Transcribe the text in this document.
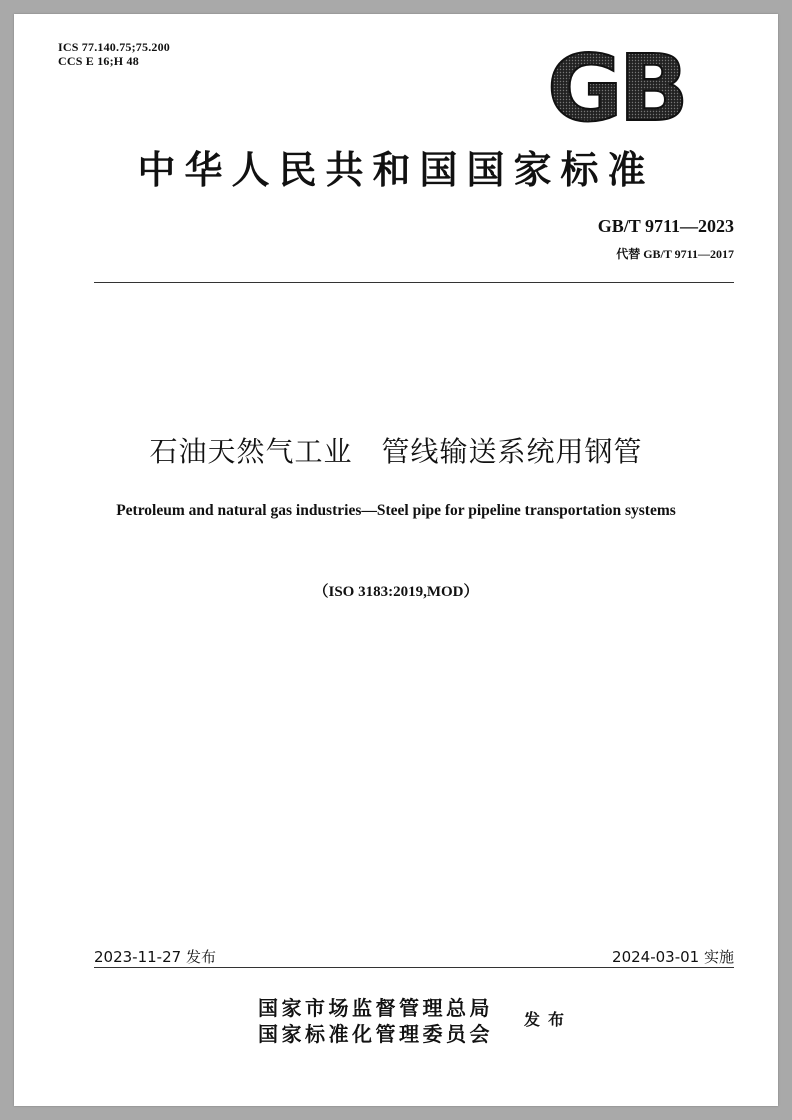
ICS 77.140.75;75.200
CCS E 16;H 48	GB
中华人民共和国国家标准
GB/T 9711—2023
代替 GB/T 9711—2017
石油天然气工业　管线输送系统用钢管
Petroleum and natural gas industries—Steel pipe for pipeline transportation systems
（ISO 3183:2019,MOD）
2023-11-27 发布	2024-03-01 实施
国家市场监督管理总局
国家标准化管理委员会
发布
